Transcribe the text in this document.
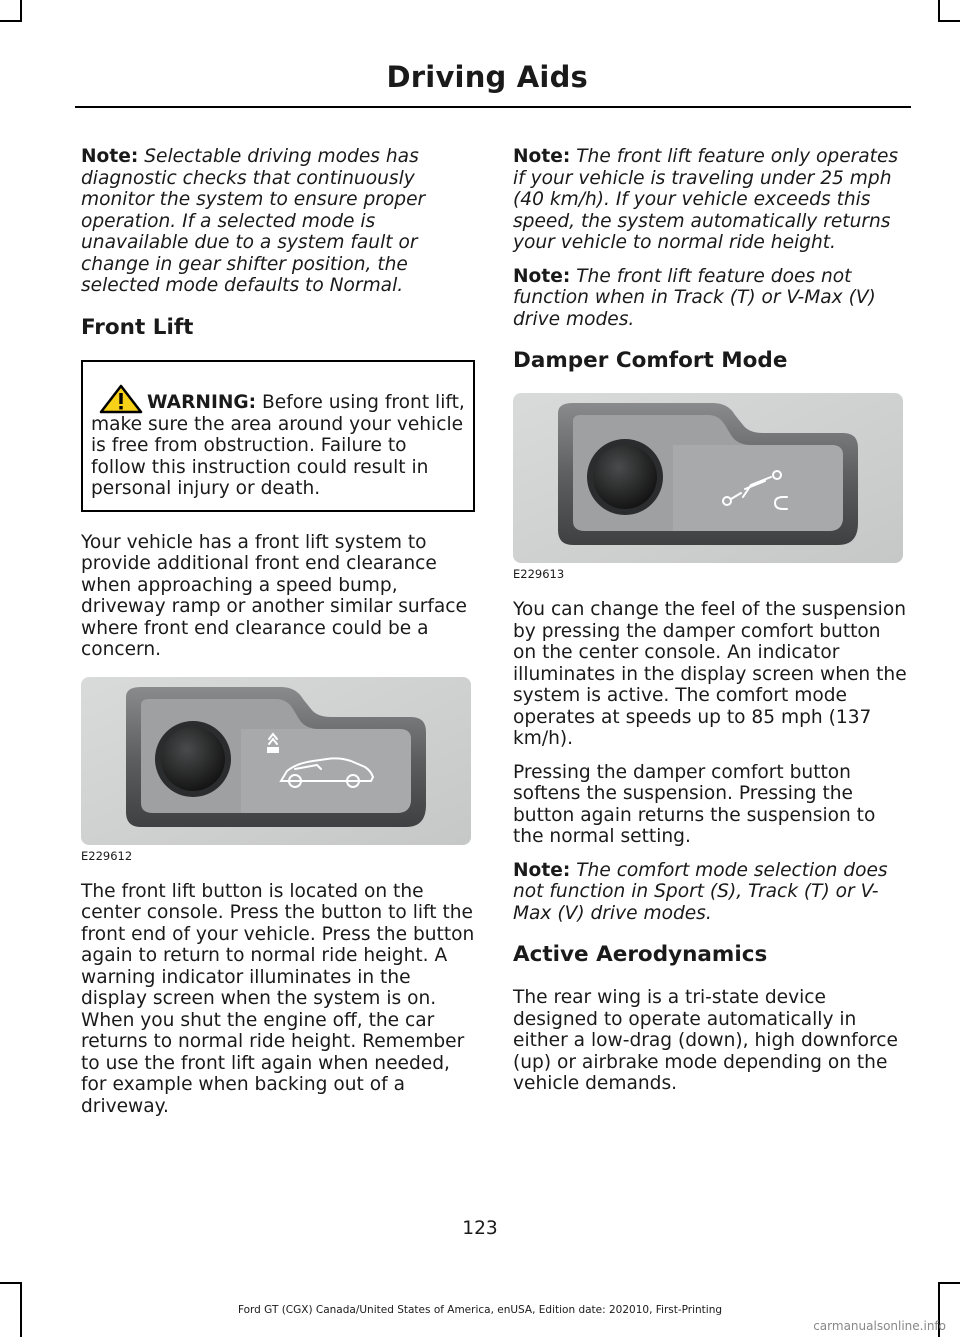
Driving Aids

Note: Selectable driving modes has diagnostic checks that continuously monitor the system to ensure proper operation. If a selected mode is unavailable due to a system fault or change in gear shifter position, the selected mode defaults to Normal.

Front Lift

WARNING: Before using front lift, make sure the area around your vehicle is free from obstruction. Failure to follow this instruction could result in personal injury or death.

Your vehicle has a front lift system to provide additional front end clearance when approaching a speed bump, driveway ramp or another similar surface where front end clearance could be a concern.

E229612

The front lift button is located on the center console. Press the button to lift the front end of your vehicle. Press the button again to return to normal ride height. A warning indicator illuminates in the display screen when the system is on. When you shut the engine off, the car returns to normal ride height. Remember to use the front lift again when needed, for example when backing out of a driveway.

Note: The front lift feature only operates if your vehicle is traveling under 25 mph (40 km/h). If your vehicle exceeds this speed, the system automatically returns your vehicle to normal ride height.

Note: The front lift feature does not function when in Track (T) or V-Max (V) drive modes.

Damper Comfort Mode
E229613

You can change the feel of the suspension by pressing the damper comfort button on the center console. An indicator illuminates in the display screen when the system is active. The comfort mode operates at speeds up to 85 mph (137 km/h).

Pressing the damper comfort button softens the suspension. Pressing the button again returns the suspension to the normal setting.

Note: The comfort mode selection does not function in Sport (S), Track (T) or V-Max (V) drive modes.

Active Aerodynamics

The rear wing is a tri-state device designed to operate automatically in either a low-drag (down), high downforce (up) or airbrake mode depending on the vehicle demands.

123
Ford GT (CGX) Canada/United States of America, enUSA, Edition date: 202010, First-Printing
carmanualsonline.info
